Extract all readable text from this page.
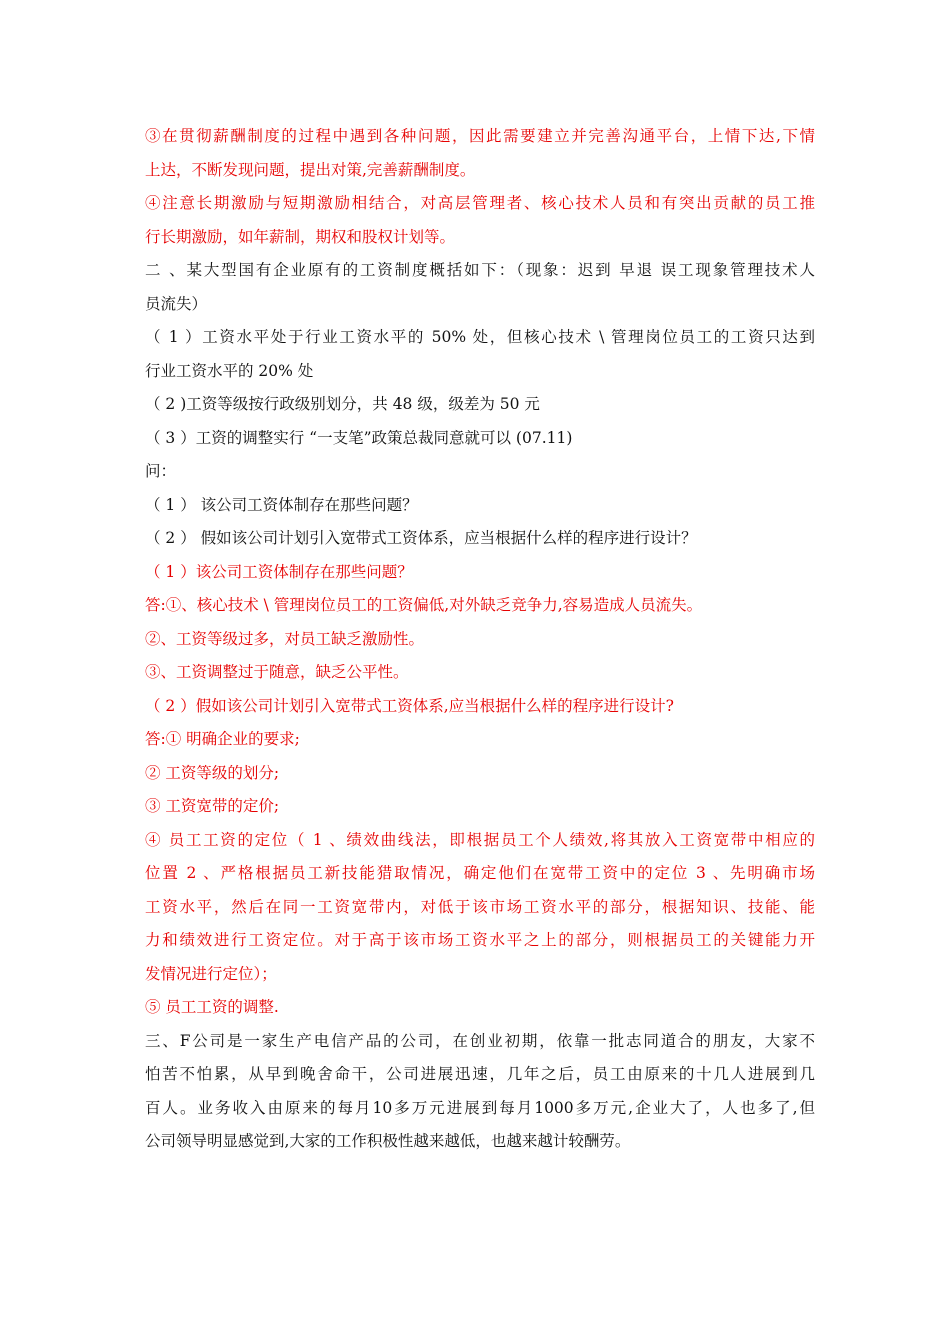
③在贯彻薪酬制度的过程中遇到各种问题，因此需要建立并完善沟通平台，上情下达,下情
上达，不断发现问题，提出对策,完善薪酬制度。
④注意长期激励与短期激励相结合，对高层管理者、核心技术人员和有突出贡献的员工推
行长期激励，如年薪制，期权和股权计划等。
二 、某大型国有企业原有的工资制度概括如下：（现象：迟到 早退 误工现象管理技术人
员流失）
（ 1 ）工资水平处于行业工资水平的 50% 处，但核心技术 \ 管理岗位员工的工资只达到
行业工资水平的 20% 处
（ 2 )工资等级按行政级别划分，共 48 级，级差为 50 元
（ 3 ）工资的调整实行 “一支笔”政策总裁同意就可以 (07.11)
问：
（ 1 ） 该公司工资体制存在那些问题？
（ 2 ） 假如该公司计划引入宽带式工资体系，应当根据什么样的程序进行设计？
（ 1 ）该公司工资体制存在那些问题？
答:①、核心技术 \ 管理岗位员工的工资偏低,对外缺乏竞争力,容易造成人员流失。
②、工资等级过多，对员工缺乏激励性。
③、工资调整过于随意，缺乏公平性。
（ 2 ）假如该公司计划引入宽带式工资体系,应当根据什么样的程序进行设计?
答:① 明确企业的要求;
② 工资等级的划分;
③ 工资宽带的定价;
④ 员工工资的定位（ 1 、绩效曲线法，即根据员工个人绩效,将其放入工资宽带中相应的
位置 2 、严格根据员工新技能猎取情况，确定他们在宽带工资中的定位 3 、先明确市场
工资水平，然后在同一工资宽带内，对低于该市场工资水平的部分，根据知识、技能、能
力和绩效进行工资定位。对于高于该市场工资水平之上的部分，则根据员工的关键能力开
发情况进行定位）；
⑤ 员工工资的调整.
三、F公司是一家生产电信产品的公司，在创业初期，依靠一批志同道合的朋友，大家不
怕苦不怕累，从早到晚舍命干，公司进展迅速，几年之后，员工由原来的十几人进展到几
百人。业务收入由原来的每月10多万元进展到每月1000多万元,企业大了，人也多了,但
公司领导明显感觉到,大家的工作积极性越来越低，也越来越计较酬劳。
